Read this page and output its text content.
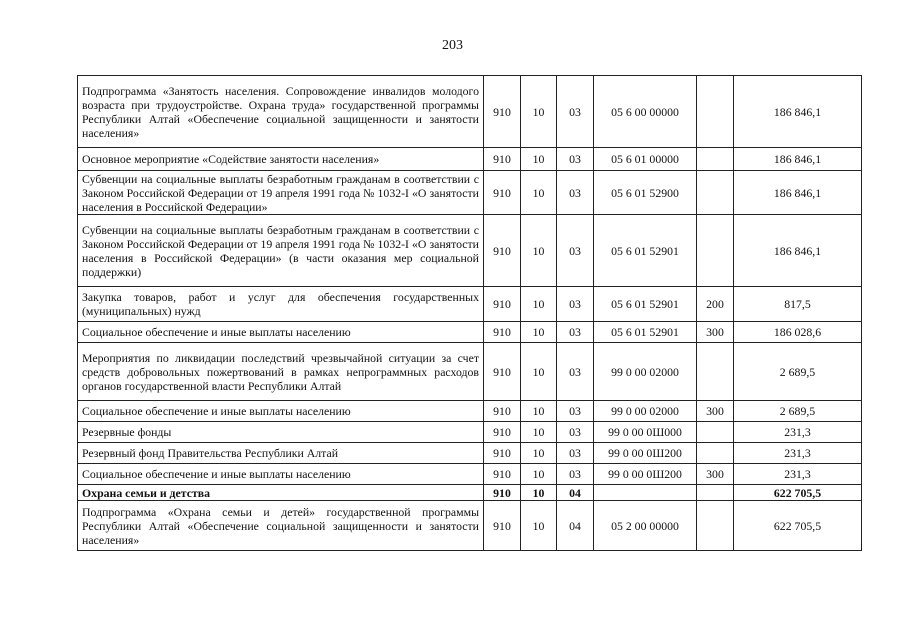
203
Подпрограмма «Занятость населения. Сопровождение инвалидов молодого возраста при трудоустройстве. Охрана труда» государственной программы Республики Алтай «Обеспечение социальной защищенности и занятости населения»	910	10	03	05 6 00 00000		186 846,1
Основное мероприятие «Содействие занятости населения»	910	10	03	05 6 01 00000		186 846,1
Субвенции на социальные выплаты безработным гражданам в соответствии с Законом Российской Федерации от 19 апреля 1991 года № 1032-I «О занятости населения в Российской Федерации»	910	10	03	05 6 01 52900		186 846,1
Субвенции на социальные выплаты безработным гражданам в соответствии с Законом Российской Федерации от 19 апреля 1991 года № 1032-I «О занятости населения в Российской Федерации» (в части оказания мер социальной поддержки)	910	10	03	05 6 01 52901		186 846,1
Закупка товаров, работ и услуг для обеспечения государственных (муниципальных) нужд	910	10	03	05 6 01 52901	200	817,5
Социальное обеспечение и иные выплаты населению	910	10	03	05 6 01 52901	300	186 028,6
Мероприятия по ликвидации последствий чрезвычайной ситуации за счет средств добровольных пожертвований в рамках непрограммных расходов органов государственной власти Республики Алтай	910	10	03	99 0 00 02000		2 689,5
Социальное обеспечение и иные выплаты населению	910	10	03	99 0 00 02000	300	2 689,5
Резервные фонды	910	10	03	99 0 00 0Ш000		231,3
Резервный фонд Правительства Республики Алтай	910	10	03	99 0 00 0Ш200		231,3
Социальное обеспечение и иные выплаты населению	910	10	03	99 0 00 0Ш200	300	231,3
Охрана семьи и детства	910	10	04			622 705,5
Подпрограмма «Охрана семьи и детей» государственной программы Республики Алтай «Обеспечение социальной защищенности и занятости населения»	910	10	04	05 2 00 00000		622 705,5
